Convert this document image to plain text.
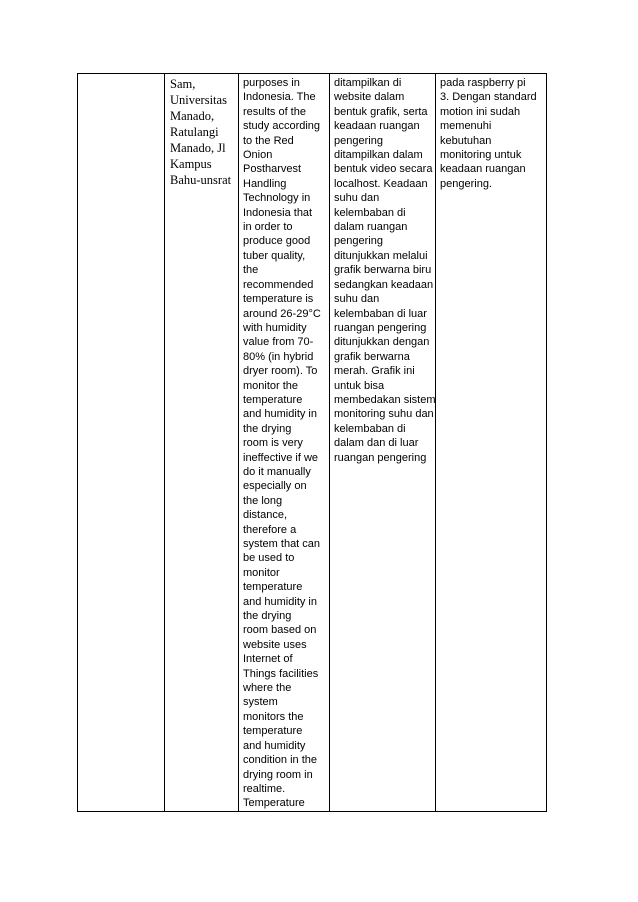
Sam,
Universitas
Manado,
Ratulangi
Manado, Jl
Kampus
Bahu-unsrat
purposes in
Indonesia. The
results of the
study according
to the Red
Onion
Postharvest
Handling
Technology in
Indonesia that
in order to
produce good
tuber quality,
the
recommended
temperature is
around 26-29°C
with humidity
value from 70-
80% (in hybrid
dryer room). To
monitor the
temperature
and humidity in
the drying
room is very
ineffective if we
do it manually
especially on
the long
distance,
therefore a
system that can
be used to
monitor
temperature
and humidity in
the drying
room based on
website uses
Internet of
Things facilities
where the
system
monitors the
temperature
and humidity
condition in the
drying room in
realtime.
Temperature
ditampilkan di
website dalam
bentuk grafik, serta
keadaan ruangan
pengering
ditampilkan dalam
bentuk video secara
localhost. Keadaan
suhu dan
kelembaban di
dalam ruangan
pengering
ditunjukkan melalui
grafik berwarna biru
sedangkan keadaan
suhu dan
kelembaban di luar
ruangan pengering
ditunjukkan dengan
grafik berwarna
merah. Grafik ini
untuk bisa
membedakan sistem
monitoring suhu dan
kelembaban di
dalam dan di luar
ruangan pengering
pada raspberry pi
3. Dengan standard
motion ini sudah
memenuhi
kebutuhan
monitoring untuk
keadaan ruangan
pengering.
